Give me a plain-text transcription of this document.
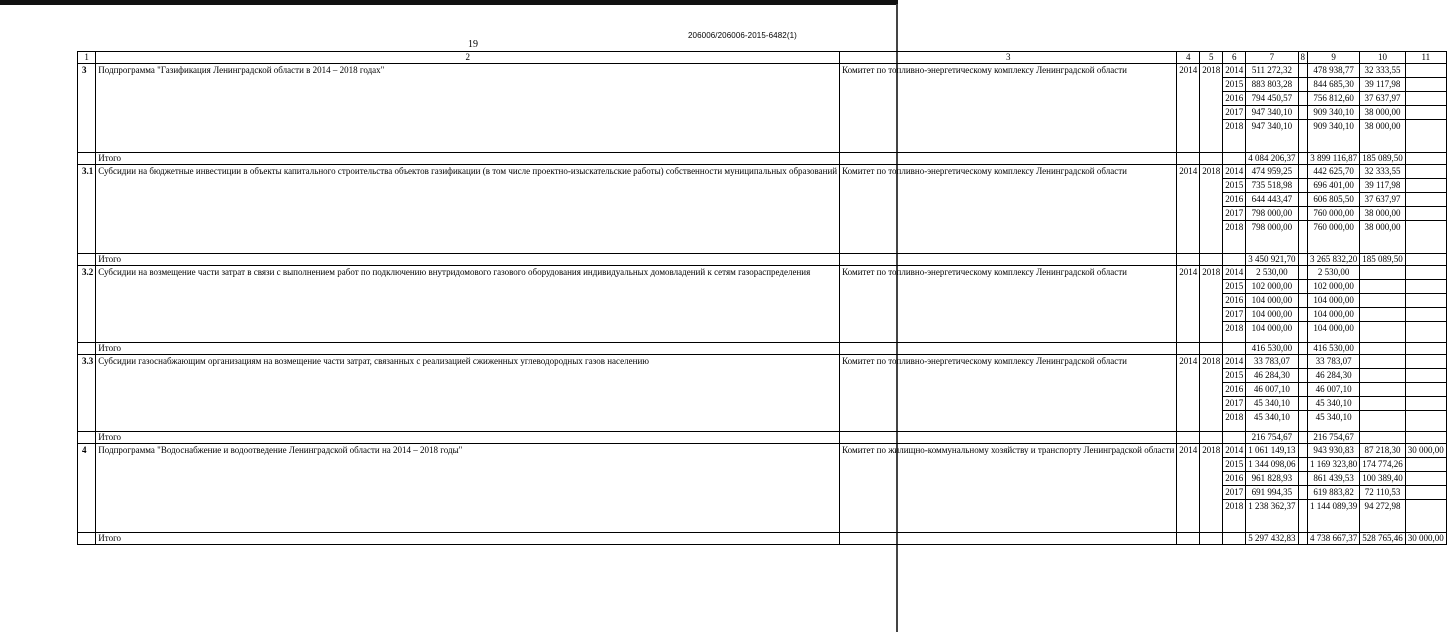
206006/206006-2015-6482(1)
19
1	2	3	4	5	6	7	8	9	10	11
3	Подпрограмма "Газификация Ленинградской области в 2014 – 2018 годах"	Комитет по топливно-энергетическому комплексу Ленинградской области	2014	2018	2014	511 272,32		478 938,77	32 333,55	
					2015	883 803,28		844 685,30	39 117,98	
					2016	794 450,57		756 812,60	37 637,97	
					2017	947 340,10		909 340,10	38 000,00	
					2018	947 340,10		909 340,10	38 000,00	
	Итого					4 084 206,37		3 899 116,87	185 089,50	
3.1	Субсидии на бюджетные инвестиции в объекты капитального строительства объектов газификации (в том числе проектно-изыскательские работы) собственности муниципальных образований	Комитет по топливно-энергетическому комплексу Ленинградской области	2014	2018	2014	474 959,25		442 625,70	32 333,55	
					2015	735 518,98		696 401,00	39 117,98	
					2016	644 443,47		606 805,50	37 637,97	
					2017	798 000,00		760 000,00	38 000,00	
					2018	798 000,00		760 000,00	38 000,00	
	Итого					3 450 921,70		3 265 832,20	185 089,50	
3.2	Субсидии на возмещение части затрат в связи с выполнением работ по подключению внутридомового газового оборудования индивидуальных домовладений к сетям газораспределения	Комитет по топливно-энергетическому комплексу Ленинградской области	2014	2018	2014	2 530,00		2 530,00		
					2015	102 000,00		102 000,00		
					2016	104 000,00		104 000,00		
					2017	104 000,00		104 000,00		
					2018	104 000,00		104 000,00		
	Итого					416 530,00		416 530,00		
3.3	Субсидии газоснабжающим организациям на возмещение части затрат, связанных с реализацией сжиженных углеводородных газов населению	Комитет по топливно-энергетическому комплексу Ленинградской области	2014	2018	2014	33 783,07		33 783,07		
					2015	46 284,30		46 284,30		
					2016	46 007,10		46 007,10		
					2017	45 340,10		45 340,10		
					2018	45 340,10		45 340,10		
	Итого					216 754,67		216 754,67		
4	Подпрограмма "Водоснабжение и водоотведение Ленинградской области на 2014 – 2018 годы"	Комитет по жилищно-коммунальному хозяйству и транспорту Ленинградской области	2014	2018	2014	1 061 149,13		943 930,83	87 218,30	30 000,00
					2015	1 344 098,06		1 169 323,80	174 774,26	
					2016	961 828,93		861 439,53	100 389,40	
					2017	691 994,35		619 883,82	72 110,53	
					2018	1 238 362,37		1 144 089,39	94 272,98	
	Итого					5 297 432,83		4 738 667,37	528 765,46	30 000,00
